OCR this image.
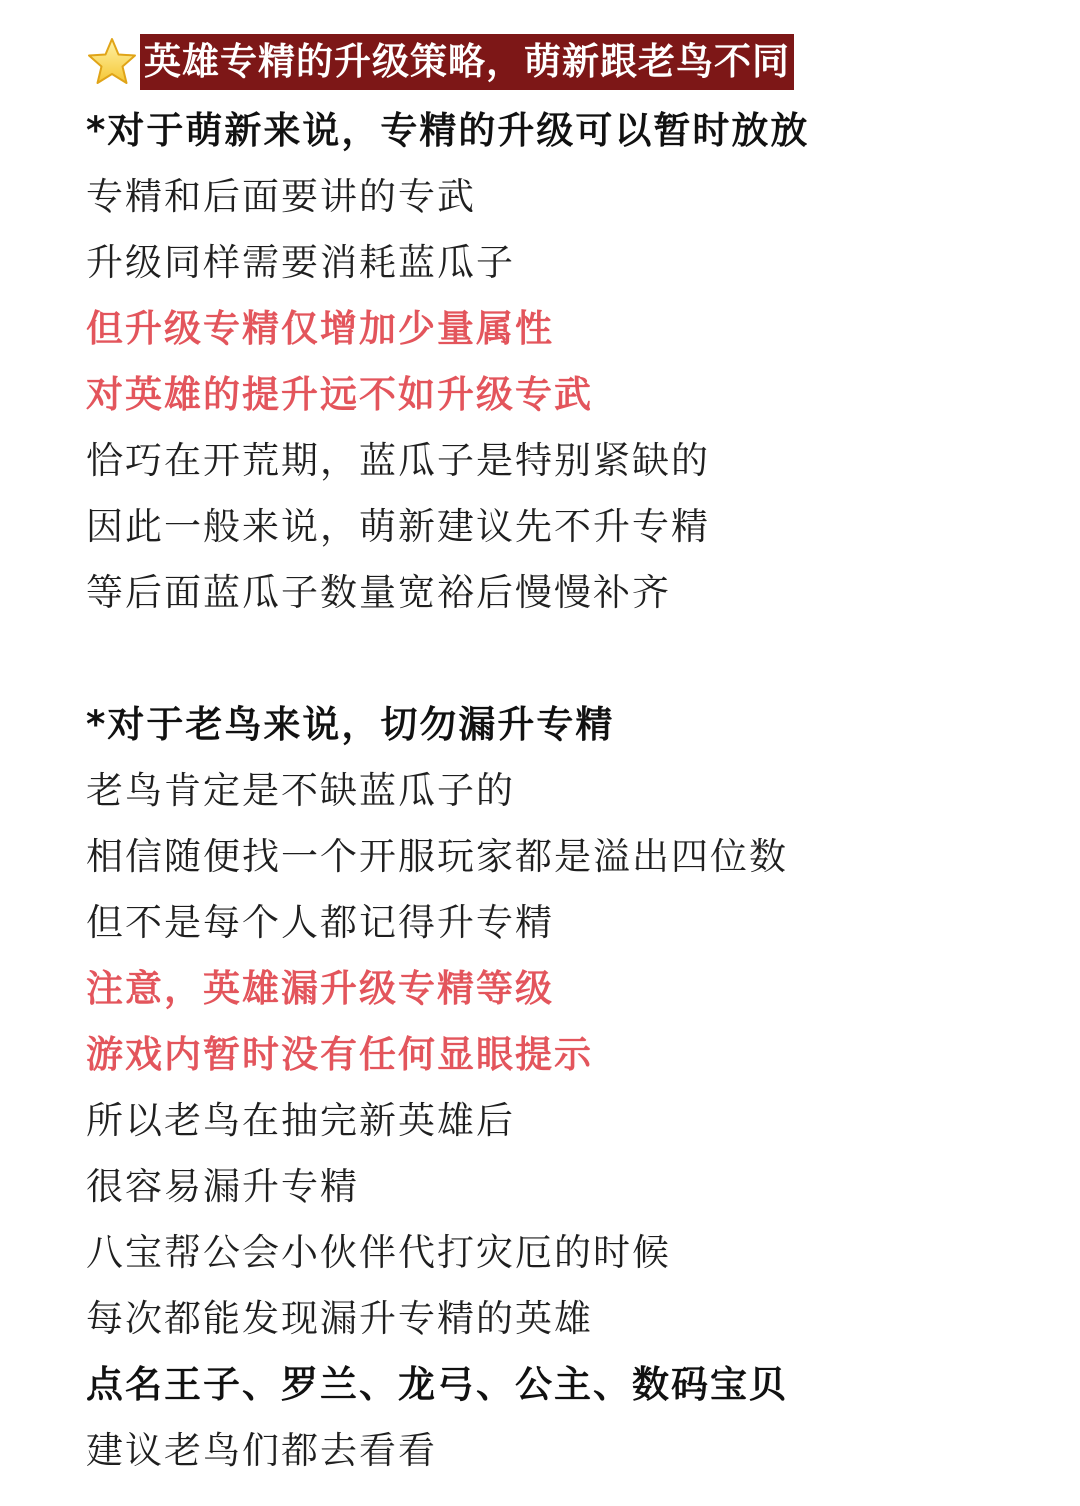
英雄专精的升级策略，萌新跟老鸟不同
*对于萌新来说，专精的升级可以暂时放放
专精和后面要讲的专武
升级同样需要消耗蓝瓜子
但升级专精仅增加少量属性
对英雄的提升远不如升级专武
恰巧在开荒期，蓝瓜子是特别紧缺的
因此一般来说，萌新建议先不升专精
等后面蓝瓜子数量宽裕后慢慢补齐
*对于老鸟来说，切勿漏升专精
老鸟肯定是不缺蓝瓜子的
相信随便找一个开服玩家都是溢出四位数
但不是每个人都记得升专精
注意，英雄漏升级专精等级
游戏内暂时没有任何显眼提示
所以老鸟在抽完新英雄后
很容易漏升专精
八宝帮公会小伙伴代打灾厄的时候
每次都能发现漏升专精的英雄
点名王子、罗兰、龙弓、公主、数码宝贝
建议老鸟们都去看看
